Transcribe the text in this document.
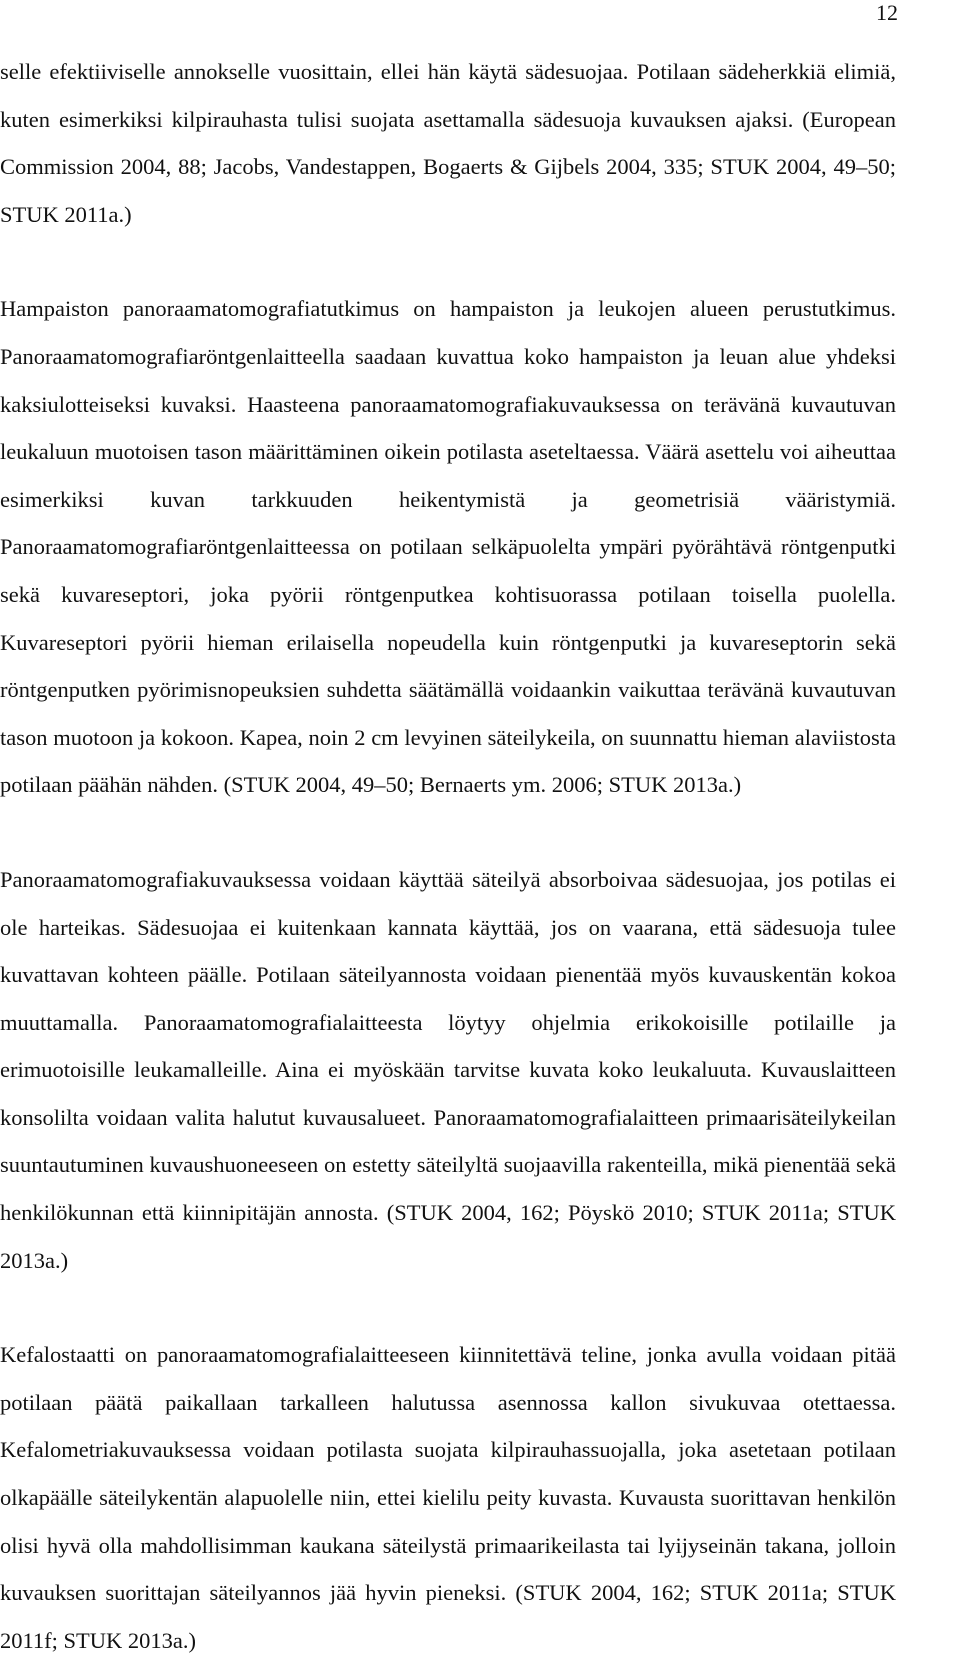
12

selle efektiiviselle annokselle vuosittain, ellei hän käytä sädesuojaa. Potilaan sädeherkkiä elimiä, kuten esimerkiksi kilpirauhasta tulisi suojata asettamalla sädesuoja kuvauksen ajaksi. (European Commission 2004, 88; Jacobs, Vandestappen, Bogaerts & Gijbels 2004, 335; STUK 2004, 49–50; STUK 2011a.)

Hampaiston panoraamatomografiatutkimus on hampaiston ja leukojen alueen perustutkimus. Panoraamatomografiaröntgenlaitteella saadaan kuvattua koko hampaiston ja leuan alue yhdeksi kaksiulotteiseksi kuvaksi. Haasteena panoraamatomografiakuvauksessa on terävänä kuvautuvan leukaluun muotoisen tason määrittäminen oikein potilasta aseteltaessa. Väärä asettelu voi aiheuttaa esimerkiksi kuvan tarkkuuden heikentymistä ja geometrisiä vääristymiä. Panoraamatomografiaröntgenlaitteessa on potilaan selkäpuolelta ympäri pyörähtävä röntgenputki sekä kuvareseptori, joka pyörii röntgenputkea kohtisuorassa potilaan toisella puolella. Kuvareseptori pyörii hieman erilaisella nopeudella kuin röntgenputki ja kuvareseptorin sekä röntgenputken pyörimisnopeuksien suhdetta säätämällä voidaankin vaikuttaa terävänä kuvautuvan tason muotoon ja kokoon. Kapea, noin 2 cm levyinen säteilykeila, on suunnattu hieman alaviistosta potilaan päähän nähden. (STUK 2004, 49–50; Bernaerts ym. 2006; STUK 2013a.)

Panoraamatomografiakuvauksessa voidaan käyttää säteilyä absorboivaa sädesuojaa, jos potilas ei ole harteikas. Sädesuojaa ei kuitenkaan kannata käyttää, jos on vaarana, että sädesuoja tulee kuvattavan kohteen päälle. Potilaan säteilyannosta voidaan pienentää myös kuvauskentän kokoa muuttamalla. Panoraamatomografialaitteesta löytyy ohjelmia erikokoisille potilaille ja erimuotoisille leukamalleille. Aina ei myöskään tarvitse kuvata koko leukaluuta. Kuvauslaitteen konsolilta voidaan valita halutut kuvausalueet. Panoraamatomografialaitteen primaarisäteilykeilan suuntautuminen kuvaushuoneeseen on estetty säteilyltä suojaavilla rakenteilla, mikä pienentää sekä henkilökunnan että kiinnipitäjän annosta. (STUK 2004, 162; Pöyskö 2010; STUK 2011a; STUK 2013a.)

Kefalostaatti on panoraamatomografialaitteeseen kiinnitettävä teline, jonka avulla voidaan pitää potilaan päätä paikallaan tarkalleen halutussa asennossa kallon sivukuvaa otettaessa. Kefalometriakuvauksessa voidaan potilasta suojata kilpirauhassuojalla, joka asetetaan potilaan olkapäälle säteilykentän alapuolelle niin, ettei kielilu peity kuvasta. Kuvausta suorittavan henkilön olisi hyvä olla mahdollisimman kaukana säteilystä primaarikeilasta tai lyijyseinän takana, jolloin kuvauksen suorittajan säteilyannos jää hyvin pieneksi. (STUK 2004, 162; STUK 2011a; STUK 2011f; STUK 2013a.)
